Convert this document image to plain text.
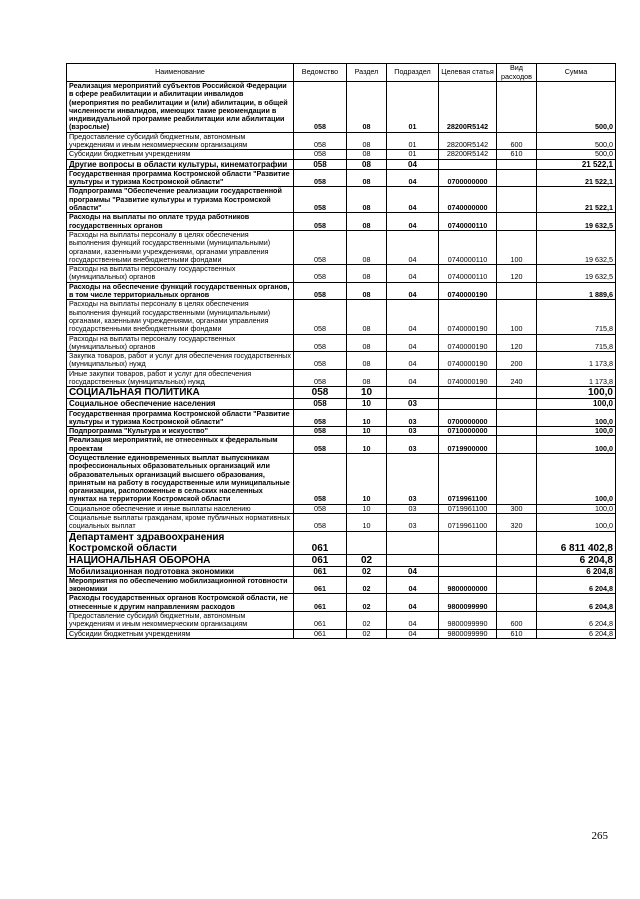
Наименование	Ведомство	Раздел	Подраздел	Целевая статья	Вид расходов	Сумма
Реализация мероприятий субъектов Российской Федерации в сфере реабилитации и абилитации инвалидов (мероприятия по реабилитации и (или) абилитации, в общей численности инвалидов, имеющих такие рекомендации в индивидуальной программе реабилитации или абилитации (взрослые)	058	08	01	28200R5142		500,0
Предоставление субсидий бюджетным, автономным учреждениям и иным некоммерческим организациям	058	08	01	28200R5142	600	500,0
Субсидии бюджетным учреждениям	058	08	01	28200R5142	610	500,0
Другие вопросы в области культуры, кинематографии	058	08	04			21 522,1
Государственная программа Костромской области "Развитие культуры и туризма Костромской области"	058	08	04	0700000000		21 522,1
Подпрограмма "Обеспечение реализации государственной программы "Развитие культуры и туризма Костромской области"	058	08	04	0740000000		21 522,1
Расходы на выплаты по оплате труда работников государственных органов	058	08	04	0740000110		19 632,5
Расходы на выплаты персоналу в целях обеспечения выполнения функций государственными (муниципальными) органами, казенными учреждениями, органами управления государственными внебюджетными фондами	058	08	04	0740000110	100	19 632,5
Расходы на выплаты персоналу государственных (муниципальных) органов	058	08	04	0740000110	120	19 632,5
Расходы на обеспечение функций государственных органов, в том числе территориальных органов	058	08	04	0740000190		1 889,6
Расходы на выплаты персоналу в целях обеспечения выполнения функций государственными (муниципальными) органами, казенными учреждениями, органами управления государственными внебюджетными фондами	058	08	04	0740000190	100	715,8
Расходы на выплаты персоналу государственных (муниципальных) органов	058	08	04	0740000190	120	715,8
Закупка товаров, работ и услуг для обеспечения государственных (муниципальных) нужд	058	08	04	0740000190	200	1 173,8
Иные закупки товаров, работ и услуг для обеспечения государственных (муниципальных) нужд	058	08	04	0740000190	240	1 173,8
СОЦИАЛЬНАЯ ПОЛИТИКА	058	10				100,0
Социальное обеспечение населения	058	10	03			100,0
Государственная программа Костромской области "Развитие культуры и туризма Костромской области"	058	10	03	0700000000		100,0
Подпрограмма "Культура и искусство"	058	10	03	0710000000		100,0
Реализация мероприятий, не отнесенных к федеральным проектам	058	10	03	0719900000		100,0
Осуществление единовременных выплат выпускникам профессиональных образовательных организаций или образовательных организаций высшего образования, принятым на работу в государственные или муниципальные организации, расположенные в сельских населенных пунктах на территории Костромской области	058	10	03	0719961100		100,0
Социальное обеспечение и иные выплаты населению	058	10	03	0719961100	300	100,0
Социальные выплаты гражданам, кроме публичных нормативных социальных выплат	058	10	03	0719961100	320	100,0
Департамент здравоохранения Костромской области	061					6 811 402,8
НАЦИОНАЛЬНАЯ ОБОРОНА	061	02				6 204,8
Мобилизационная подготовка экономики	061	02	04			6 204,8
Мероприятия по обеспечению мобилизационной готовности экономики	061	02	04	9800000000		6 204,8
Расходы государственных органов Костромской области, не отнесенные к другим направлениям расходов	061	02	04	9800099990		6 204,8
Предоставление субсидий бюджетным, автономным учреждениям и иным некоммерческим организациям	061	02	04	9800099990	600	6 204,8
Субсидии бюджетным учреждениям	061	02	04	9800099990	610	6 204,8
265
